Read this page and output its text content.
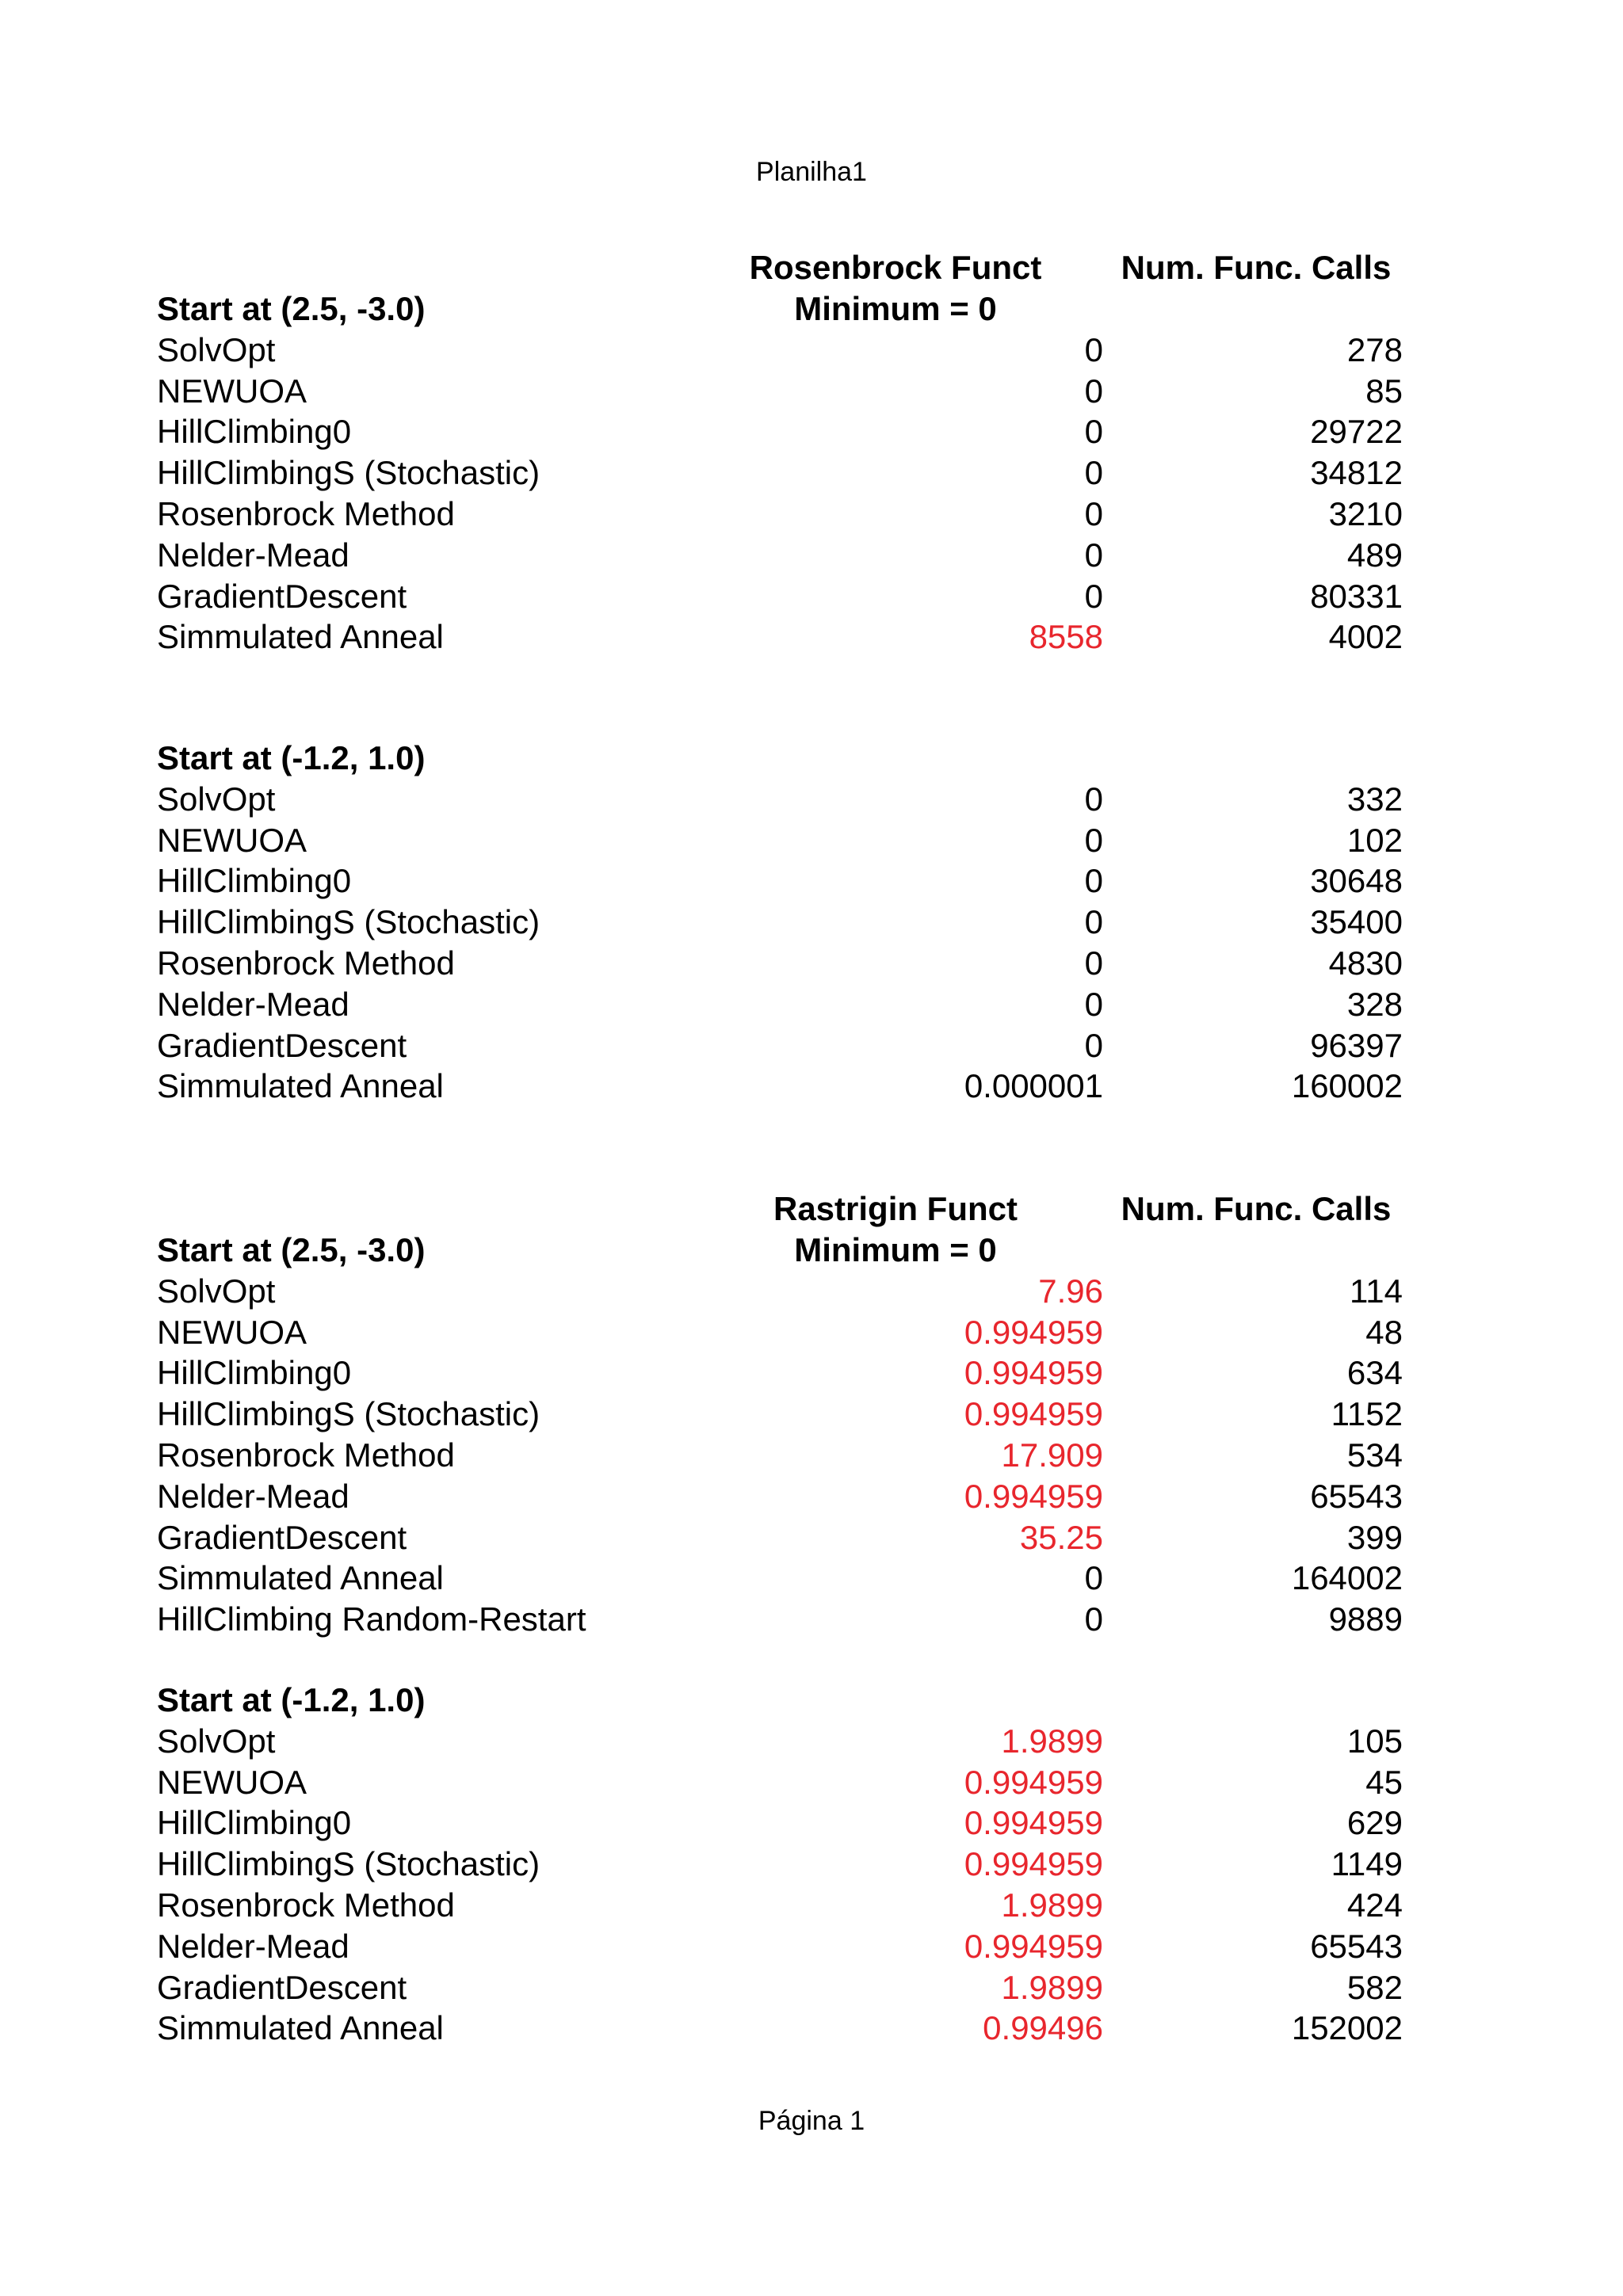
Planilha1
Rosenbrock Funct
Minimum = 0
Num. Func. Calls
Start at (2.5, -3.0)
SolvOpt	0	278
NEWUOA	0	85
HillClimbing0	0	29722
HillClimbingS (Stochastic)	0	34812
Rosenbrock Method	0	3210
Nelder-Mead	0	489
GradientDescent	0	80331
Simmulated Anneal	8558	4002
Start at (-1.2, 1.0)
SolvOpt	0	332
NEWUOA	0	102
HillClimbing0	0	30648
HillClimbingS (Stochastic)	0	35400
Rosenbrock Method	0	4830
Nelder-Mead	0	328
GradientDescent	0	96397
Simmulated Anneal	0.000001	160002
Rastrigin Funct
Minimum = 0
Num. Func. Calls
Start at (2.5, -3.0)
SolvOpt	7.96	114
NEWUOA	0.994959	48
HillClimbing0	0.994959	634
HillClimbingS (Stochastic)	0.994959	1152
Rosenbrock Method	17.909	534
Nelder-Mead	0.994959	65543
GradientDescent	35.25	399
Simmulated Anneal	0	164002
HillClimbing Random-Restart	0	9889
Start at (-1.2, 1.0)
SolvOpt	1.9899	105
NEWUOA	0.994959	45
HillClimbing0	0.994959	629
HillClimbingS (Stochastic)	0.994959	1149
Rosenbrock Method	1.9899	424
Nelder-Mead	0.994959	65543
GradientDescent	1.9899	582
Simmulated Anneal	0.99496	152002
Página 1
